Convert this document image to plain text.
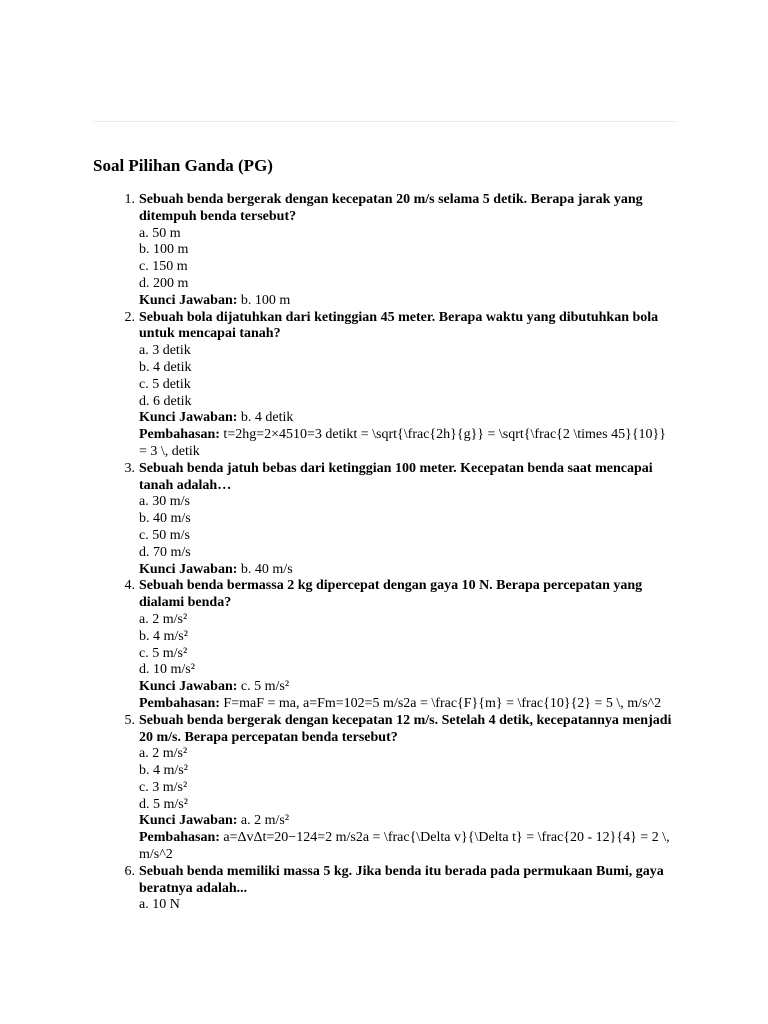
Soal Pilihan Ganda (PG)
1. Sebuah benda bergerak dengan kecepatan 20 m/s selama 5 detik. Berapa jarak yang ditempuh benda tersebut?
a. 50 m
b. 100 m
c. 150 m
d. 200 m
Kunci Jawaban: b. 100 m
2. Sebuah bola dijatuhkan dari ketinggian 45 meter. Berapa waktu yang dibutuhkan bola untuk mencapai tanah?
a. 3 detik
b. 4 detik
c. 5 detik
d. 6 detik
Kunci Jawaban: b. 4 detik
Pembahasan: t=2hg=2×4510=3 detikt = \sqrt{\frac{2h}{g}} = \sqrt{\frac{2 \times 45}{10}} = 3 \, detik
3. Sebuah benda jatuh bebas dari ketinggian 100 meter. Kecepatan benda saat mencapai tanah adalah…
a. 30 m/s
b. 40 m/s
c. 50 m/s
d. 70 m/s
Kunci Jawaban: b. 40 m/s
4. Sebuah benda bermassa 2 kg dipercepat dengan gaya 10 N. Berapa percepatan yang dialami benda?
a. 2 m/s²
b. 4 m/s²
c. 5 m/s²
d. 10 m/s²
Kunci Jawaban: c. 5 m/s²
Pembahasan: F=maF = ma, a=Fm=102=5 m/s2a = \frac{F}{m} = \frac{10}{2} = 5 \, m/s^2
5. Sebuah benda bergerak dengan kecepatan 12 m/s. Setelah 4 detik, kecepatannya menjadi 20 m/s. Berapa percepatan benda tersebut?
a. 2 m/s²
b. 4 m/s²
c. 3 m/s²
d. 5 m/s²
Kunci Jawaban: a. 2 m/s²
Pembahasan: a=ΔvΔt=20−124=2 m/s2a = \frac{\Delta v}{\Delta t} = \frac{20 - 12}{4} = 2 \, m/s^2
6. Sebuah benda memiliki massa 5 kg. Jika benda itu berada pada permukaan Bumi, gaya beratnya adalah...
a. 10 N
